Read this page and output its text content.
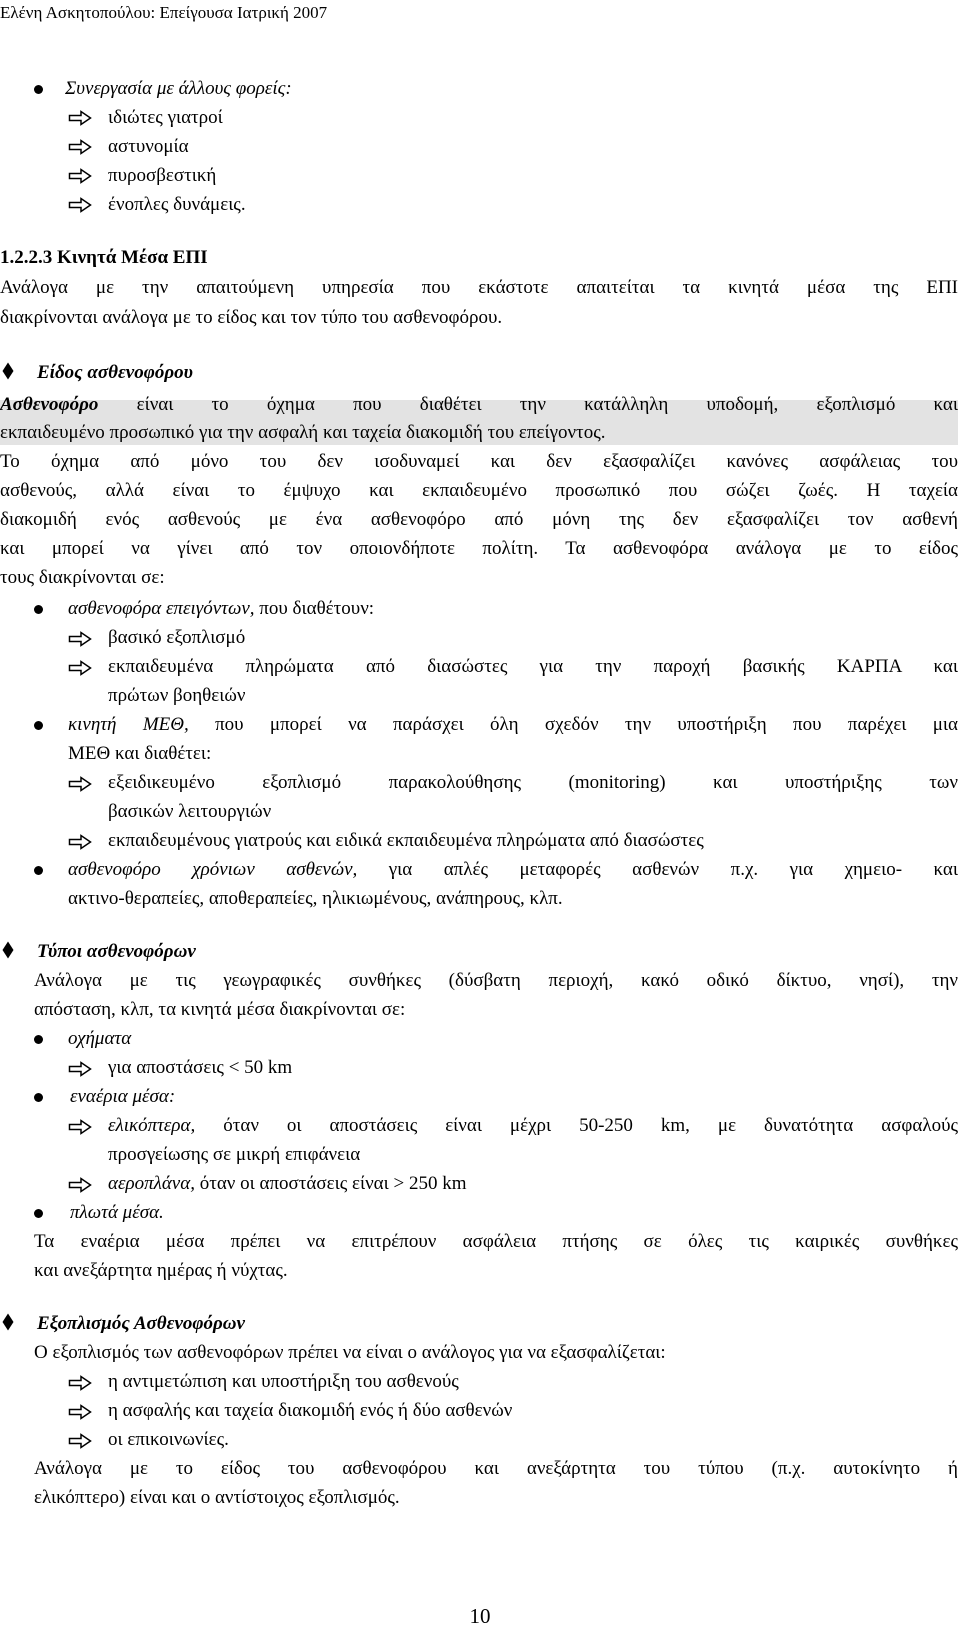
Ελένη Ασκητοπούλου: Επείγουσα Ιατρική 2007
Συνεργασία με άλλους φορείς:
ιδιώτες γιατροί
αστυνομία
πυροσβεστική
ένοπλες δυνάμεις.
1.2.2.3 Κινητά Μέσα ΕΠΙ
Ανάλογα με την απαιτούμενη υπηρεσία που εκάστοτε απαιτείται τα κινητά μέσα της ΕΠΙ
διακρίνονται ανάλογα με το είδος και τον τύπο του ασθενοφόρου.
Είδος ασθενοφόρου
Ασθενοφόρο είναι το όχημα που διαθέτει την κατάλληλη υποδομή, εξοπλισμό και
εκπαιδευμένο προσωπικό για την ασφαλή και ταχεία διακομιδή του επείγοντος.
Το όχημα από μόνο του δεν ισοδυναμεί και δεν εξασφαλίζει κανόνες ασφάλειας του
ασθενούς, αλλά είναι το έμψυχο και εκπαιδευμένο προσωπικό που σώζει ζωές. Η ταχεία
διακομιδή ενός ασθενούς με ένα ασθενοφόρο από μόνη της δεν εξασφαλίζει τον ασθενή
και μπορεί να γίνει από τον οποιονδήποτε πολίτη. Τα ασθενοφόρα ανάλογα με το είδος
τους διακρίνονται σε:
ασθενοφόρα επειγόντων, που διαθέτουν:
βασικό εξοπλισμό
εκπαιδευμένα πληρώματα από διασώστες για την παροχή βασικής ΚΑΡΠΑ και
πρώτων βοηθειών
κινητή ΜΕΘ, που μπορεί να παράσχει όλη σχεδόν την υποστήριξη που παρέχει μια
ΜΕΘ και διαθέτει:
εξειδικευμένο εξοπλισμό παρακολούθησης (monitoring) και υποστήριξης των
βασικών λειτουργιών
εκπαιδευμένους γιατρούς και ειδικά εκπαιδευμένα πληρώματα από διασώστες
ασθενοφόρο χρόνιων ασθενών, για απλές μεταφορές ασθενών π.χ. για χημειο- και
ακτινο-θεραπείες, αποθεραπείες, ηλικιωμένους, ανάπηρους, κλπ.
Τύποι ασθενοφόρων
Ανάλογα με τις γεωγραφικές συνθήκες (δύσβατη περιοχή, κακό οδικό δίκτυο, νησί), την
απόσταση, κλπ, τα κινητά μέσα διακρίνονται σε:
οχήματα
για αποστάσεις < 50 km
εναέρια μέσα:
ελικόπτερα, όταν οι αποστάσεις είναι μέχρι 50-250 km, με δυνατότητα ασφαλούς
προσγείωσης σε μικρή επιφάνεια
αεροπλάνα, όταν οι αποστάσεις είναι > 250 km
πλωτά μέσα.
Τα εναέρια μέσα πρέπει να επιτρέπουν ασφάλεια πτήσης σε όλες τις καιρικές συνθήκες
και ανεξάρτητα ημέρας ή νύχτας.
Εξοπλισμός Ασθενοφόρων
Ο εξοπλισμός των ασθενοφόρων πρέπει να είναι ο ανάλογος για να εξασφαλίζεται:
η αντιμετώπιση και υποστήριξη του ασθενούς
η ασφαλής και ταχεία διακομιδή ενός ή δύο ασθενών
οι επικοινωνίες.
Ανάλογα με το είδος του ασθενοφόρου και ανεξάρτητα του τύπου (π.χ. αυτοκίνητο ή
ελικόπτερο) είναι και ο αντίστοιχος εξοπλισμός.
10
